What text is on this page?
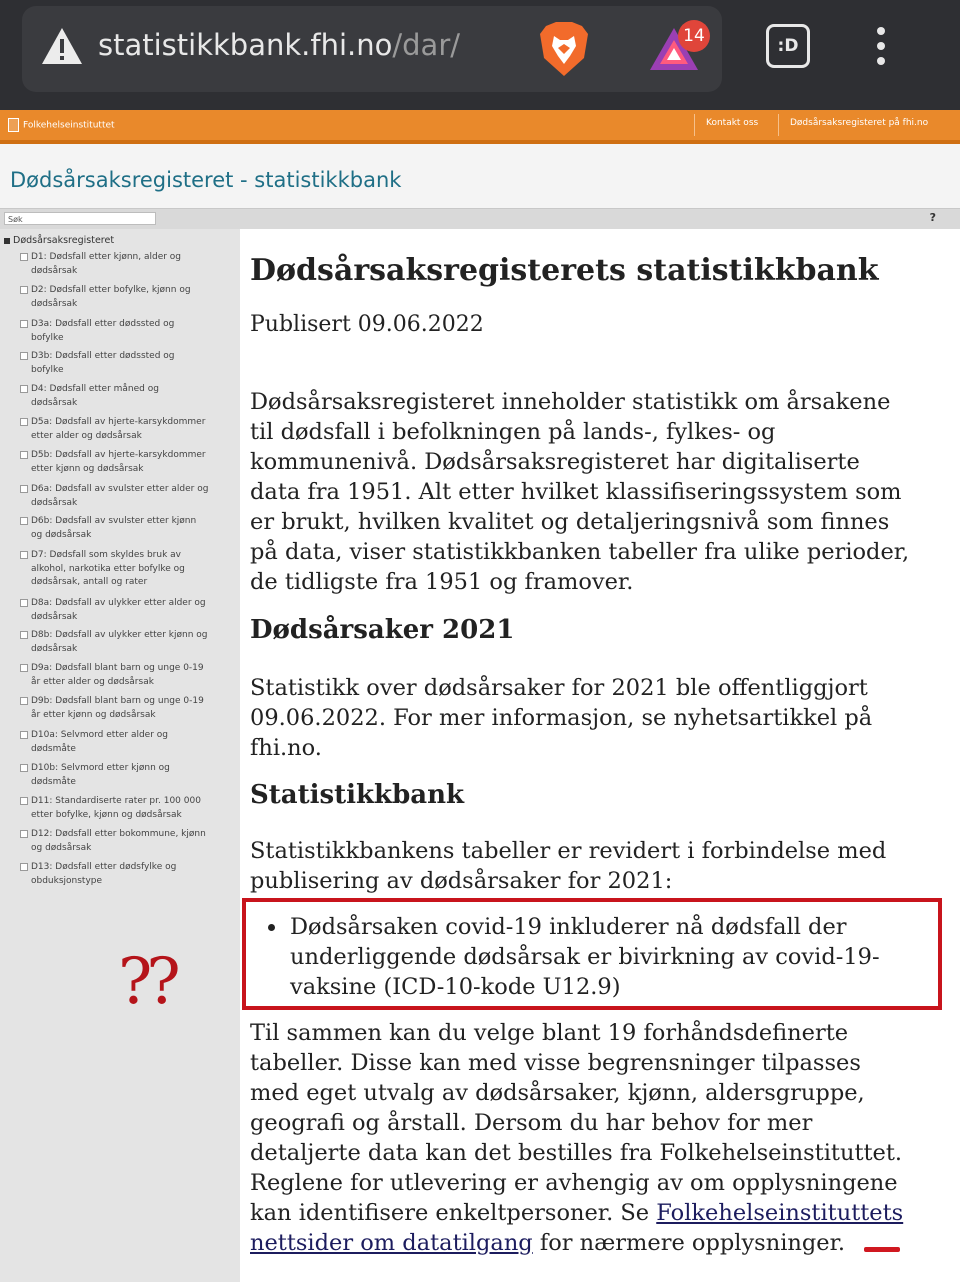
statistikkbank.fhi.no/dar/	14	:D
Folkehelseinstituttet	Kontakt oss	Dødsårsaksregisteret på fhi.no
Dødsårsaksregisteret - statistikkbank
Søk	?
Dødsårsaksregisteret
D1: Dødsfall etter kjønn, alder og
dødsårsak
D2: Dødsfall etter bofylke, kjønn og
dødsårsak
D3a: Dødsfall etter dødssted og
bofylke
D3b: Dødsfall etter dødssted og
bofylke
D4: Dødsfall etter måned og
dødsårsak
D5a: Dødsfall av hjerte-karsykdommer
etter alder og dødsårsak
D5b: Dødsfall av hjerte-karsykdommer
etter kjønn og dødsårsak
D6a: Dødsfall av svulster etter alder og
dødsårsak
D6b: Dødsfall av svulster etter kjønn
og dødsårsak
D7: Dødsfall som skyldes bruk av
alkohol, narkotika etter bofylke og
dødsårsak, antall og rater
D8a: Dødsfall av ulykker etter alder og
dødsårsak
D8b: Dødsfall av ulykker etter kjønn og
dødsårsak
D9a: Dødsfall blant barn og unge 0-19
år etter alder og dødsårsak
D9b: Dødsfall blant barn og unge 0-19
år etter kjønn og dødsårsak
D10a: Selvmord etter alder og
dødsmåte
D10b: Selvmord etter kjønn og
dødsmåte
D11: Standardiserte rater pr. 100 000
etter bofylke, kjønn og dødsårsak
D12: Dødsfall etter bokommune, kjønn
og dødsårsak
D13: Dødsfall etter dødsfylke og
obduksjonstype
??
Dødsårsaksregisterets statistikkbank
Publisert 09.06.2022
Dødsårsaksregisteret inneholder statistikk om årsakene
til dødsfall i befolkningen på lands-, fylkes- og
kommunenivå. Dødsårsaksregisteret har digitaliserte
data fra 1951. Alt etter hvilket klassifiseringssystem som
er brukt, hvilken kvalitet og detaljeringsnivå som finnes
på data, viser statistikkbanken tabeller fra ulike perioder,
de tidligste fra 1951 og framover.
Dødsårsaker 2021
Statistikk over dødsårsaker for 2021 ble offentliggjort
09.06.2022. For mer informasjon, se nyhetsartikkel på
fhi.no.
Statistikkbank
Statistikkbankens tabeller er revidert i forbindelse med
publisering av dødsårsaker for 2021:
Til sammen kan du velge blant 19 forhåndsdefinerte
tabeller. Disse kan med visse begrensninger tilpasses
med eget utvalg av dødsårsaker, kjønn, aldersgruppe,
geografi og årstall. Dersom du har behov for mer
detaljerte data kan det bestilles fra Folkehelseinstituttet.
Reglene for utlevering er avhengig av om opplysningene
kan identifisere enkeltpersoner. Se Folkehelseinstituttets
nettsider om datatilgang for nærmere opplysninger.
Dødsårsaken covid-19 inkluderer nå dødsfall der
underliggende dødsårsak er bivirkning av covid-19-
vaksine (ICD-10-kode U12.9)
